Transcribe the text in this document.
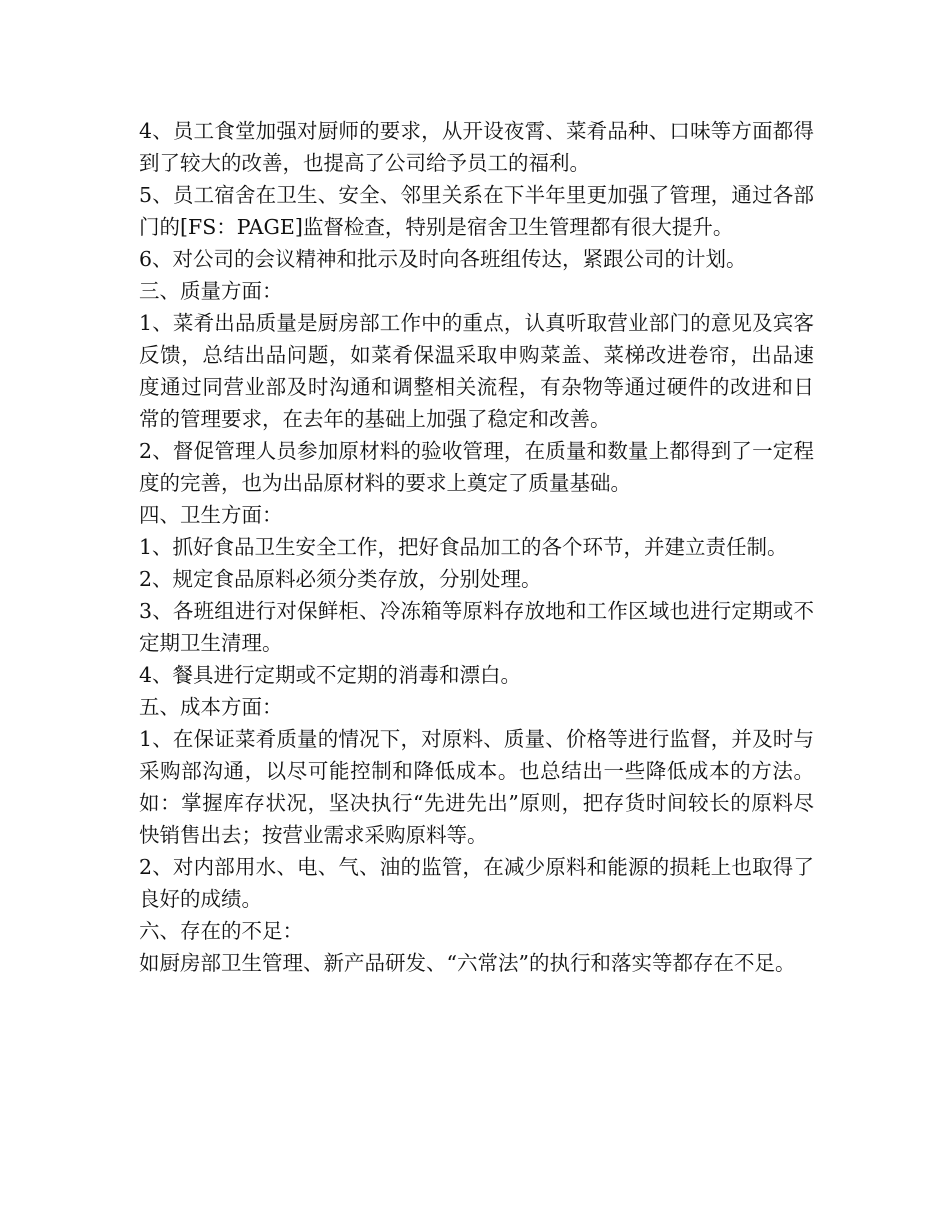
4、员工食堂加强对厨师的要求，从开设夜霄、菜肴品种、口味等方面都得到了较大的改善，也提高了公司给予员工的福利。

5、员工宿舍在卫生、安全、邻里关系在下半年里更加强了管理，通过各部门的[FS：PAGE]监督检查，特别是宿舍卫生管理都有很大提升。

6、对公司的会议精神和批示及时向各班组传达，紧跟公司的计划。

三、质量方面：

1、菜肴出品质量是厨房部工作中的重点，认真听取营业部门的意见及宾客反馈，总结出品问题，如菜肴保温采取申购菜盖、菜梯改进卷帘，出品速度通过同营业部及时沟通和调整相关流程，有杂物等通过硬件的改进和日常的管理要求，在去年的基础上加强了稳定和改善。

2、督促管理人员参加原材料的验收管理，在质量和数量上都得到了一定程度的完善，也为出品原材料的要求上奠定了质量基础。

四、卫生方面：

1、抓好食品卫生安全工作，把好食品加工的各个环节，并建立责任制。

2、规定食品原料必须分类存放，分别处理。

3、各班组进行对保鲜柜、冷冻箱等原料存放地和工作区域也进行定期或不定期卫生清理。

4、餐具进行定期或不定期的消毒和漂白。

五、成本方面：

1、在保证菜肴质量的情况下，对原料、质量、价格等进行监督，并及时与采购部沟通，以尽可能控制和降低成本。也总结出一些降低成本的方法。如：掌握库存状况，坚决执行“先进先出”原则，把存货时间较长的原料尽快销售出去；按营业需求采购原料等。

2、对内部用水、电、气、油的监管，在减少原料和能源的损耗上也取得了良好的成绩。

六、存在的不足：

如厨房部卫生管理、新产品研发、“六常法”的执行和落实等都存在不足。
